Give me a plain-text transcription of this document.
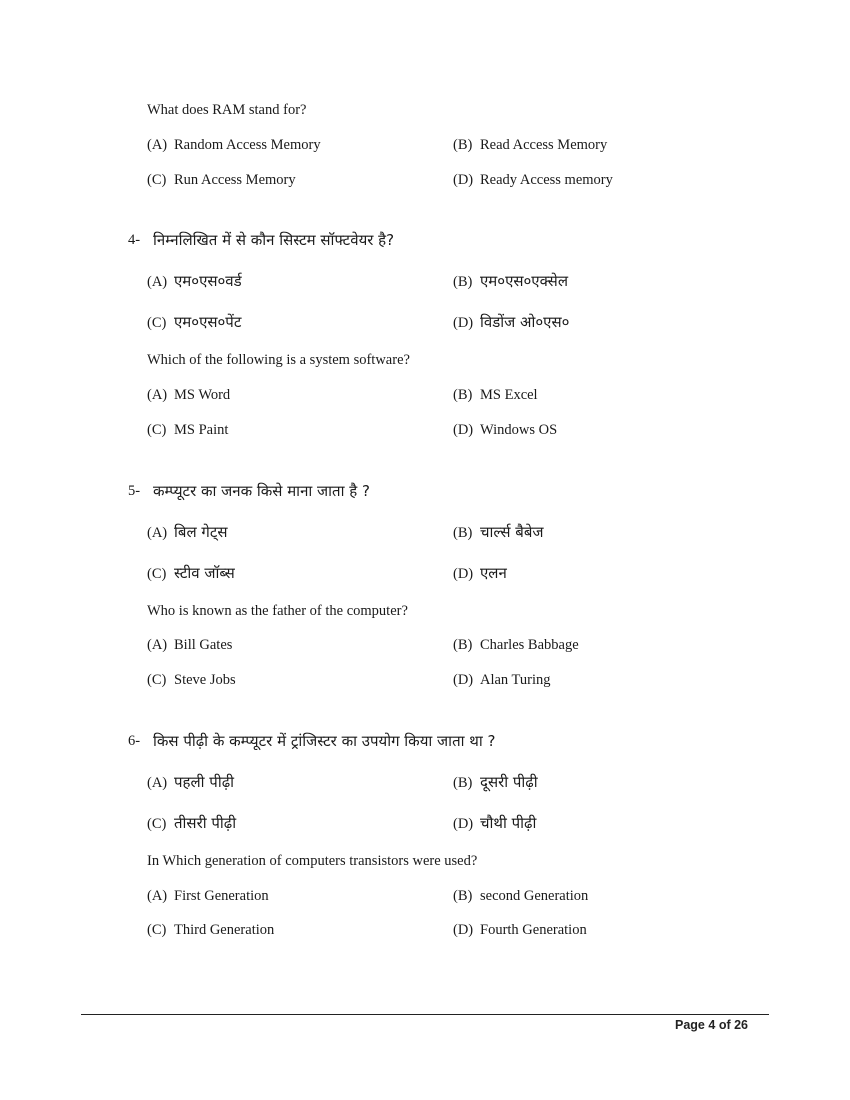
What does RAM stand for?
(A) Random Access Memory	(B) Read Access Memory
(C) Run Access Memory	(D) Ready Access memory
4- निम्नलिखित में से कौन सिस्टम सॉफ्टवेयर है?
(A) एम०एस०वर्ड	(B) एम०एस०एक्सेल
(C) एम०एस०पेंट	(D) विडोंज ओ०एस०
Which of the following is a system software?
(A) MS Word	(B) MS Excel
(C) MS Paint	(D) Windows OS
5- कम्प्यूटर का जनक किसे माना जाता है ?
(A) बिल गेट्स	(B) चार्ल्स बैबेज
(C) स्टीव जॉब्स	(D) एलन
Who is known as the father of the computer?
(A) Bill Gates	(B) Charles Babbage
(C) Steve Jobs	(D) Alan Turing
6- किस पीढ़ी के कम्प्यूटर में ट्रांजिस्टर का उपयोग किया जाता था ?
(A) पहली पीढ़ी	(B) दूसरी पीढ़ी
(C) तीसरी पीढ़ी	(D) चौथी पीढ़ी
In Which generation of computers transistors were used?
(A) First Generation	(B) second Generation
(C) Third Generation	(D) Fourth Generation
Page 4 of 26
